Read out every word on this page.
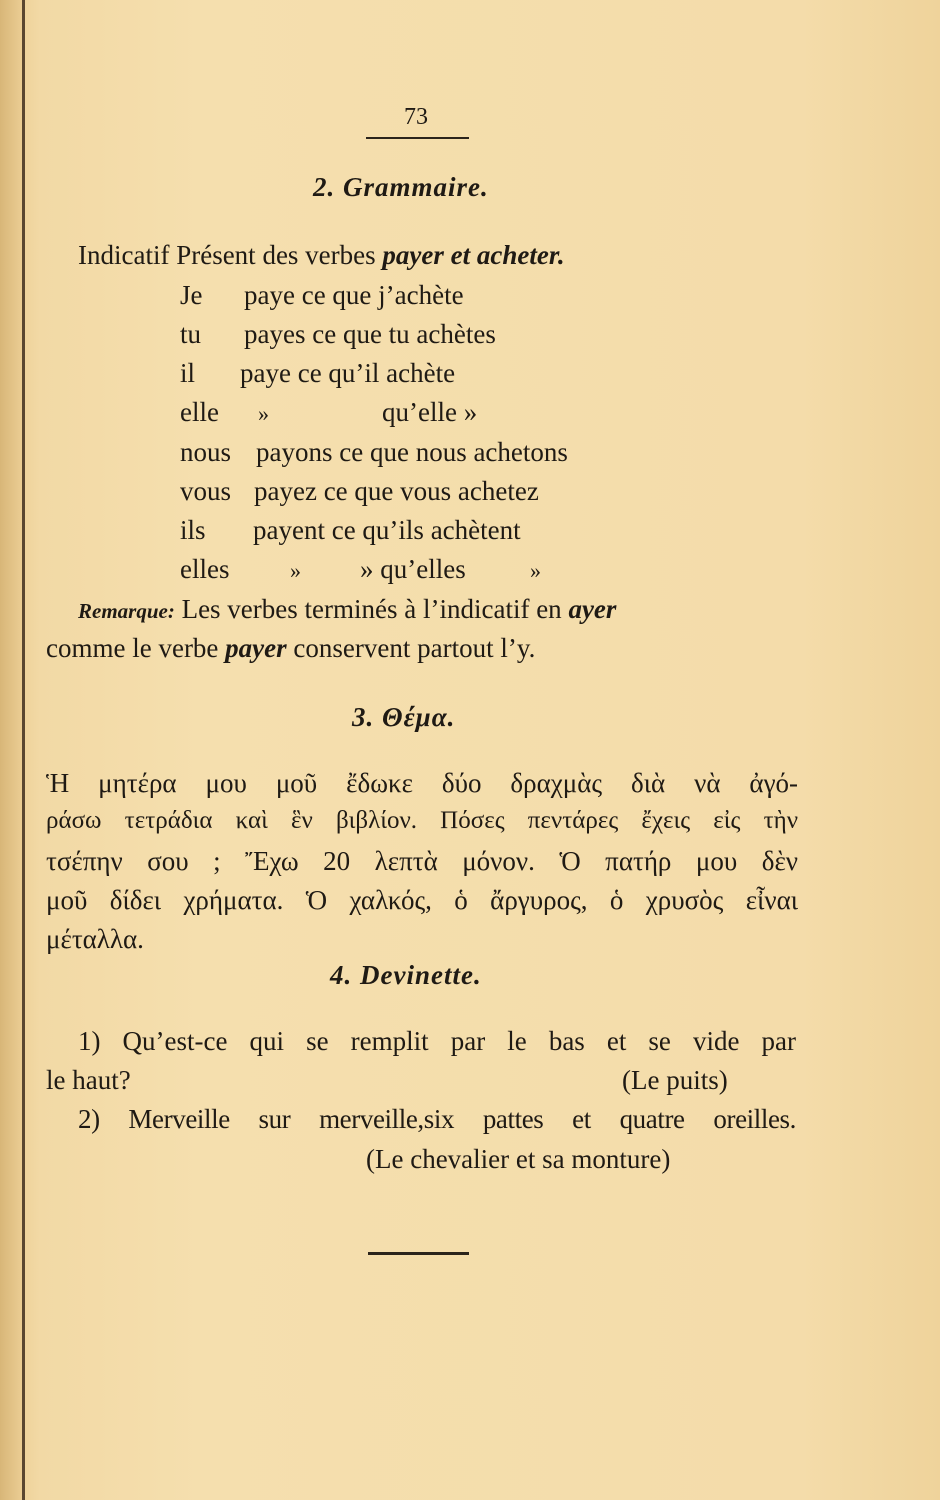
73
2. Grammaire.
Indicatif Présent des verbes payer et acheter.
Je paye ce que j’achète
tu payes ce que tu achètes
il paye ce qu’il achète
elle »	qu’elle »
nous payons ce que nous achetons
vous payez ce que vous achetez
ils payent ce qu’ils achètent
elles	» » qu’elles	»
Remarque: Les verbes terminés à l’indicatif en ayer
comme le verbe payer conservent partout l’y.
3. Θέμα.
Ἡ μητέρα μου μοῦ ἔδωκε δύο δραχμὰς διὰ νὰ ἀγό-
ράσω τετράδια καὶ ἓν βιβλίον. Πόσες πεντάρες ἔχεις εἰς τὴν
τσέπην σου ; Ἔχω 20 λεπτὰ μόνον. Ὁ πατήρ μου δὲν
μοῦ δίδει χρήματα. Ὁ χαλκός, ὁ ἄργυρος, ὁ χρυσὸς εἶναι
μέταλλα.
4. Devinette.
1) Qu’est-ce qui se remplit par le bas et se vide par
le haut?	(Le puits)
2) Merveille sur merveille,six pattes et quatre oreilles.
(Le chevalier et sa monture)
